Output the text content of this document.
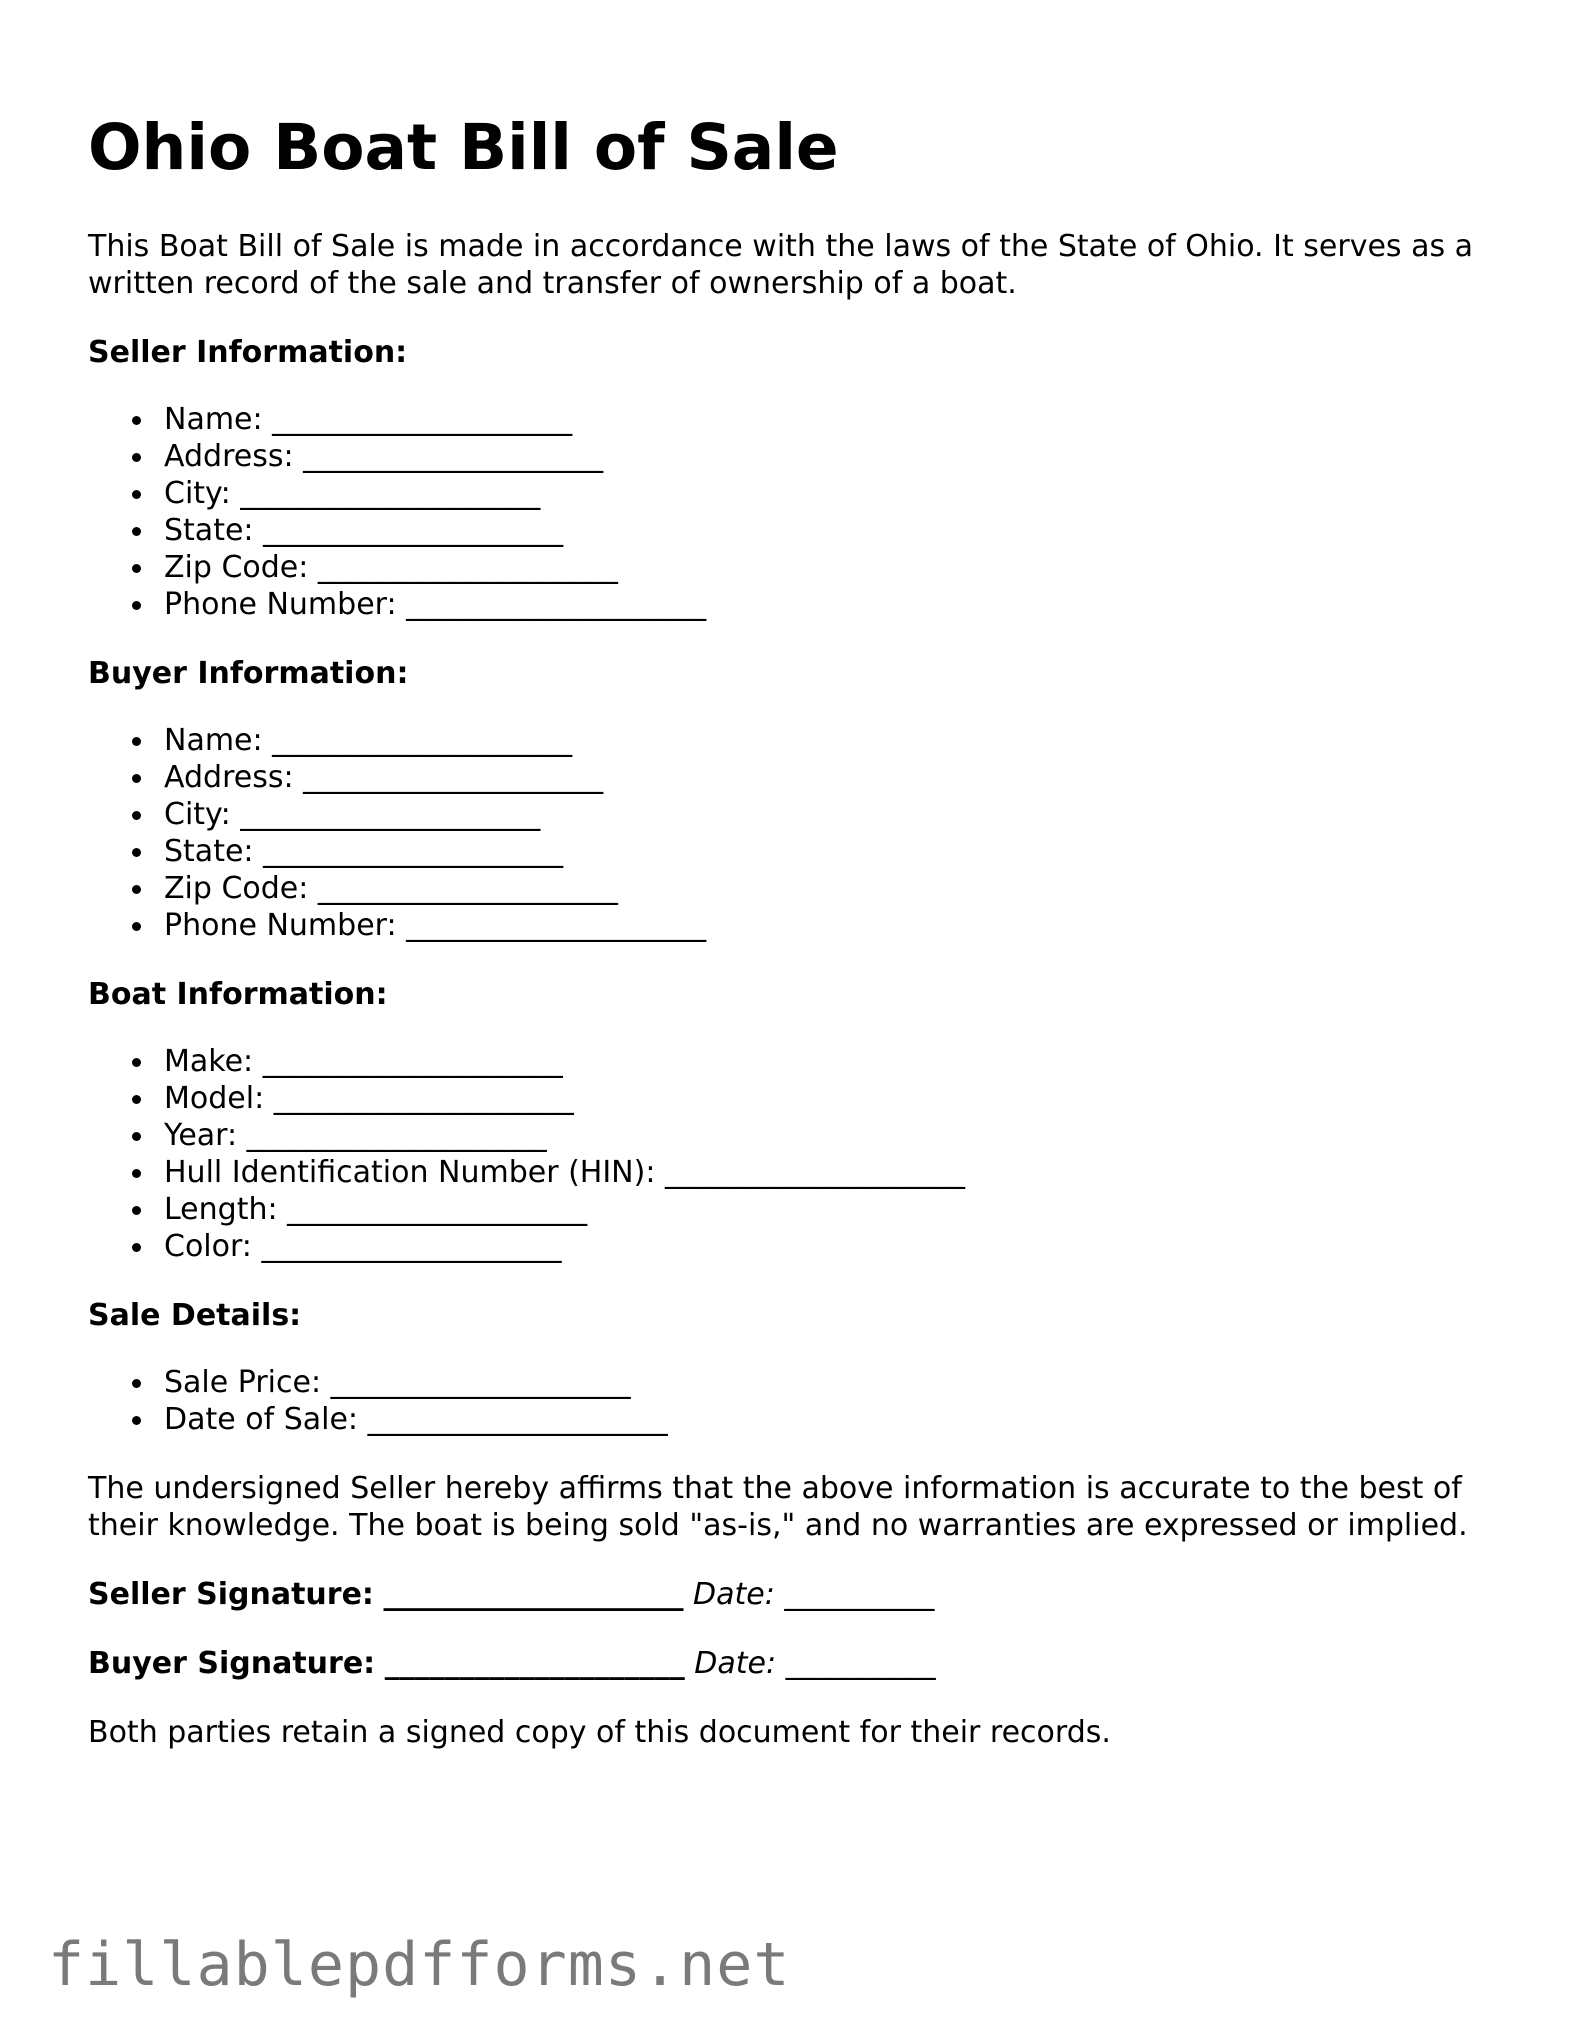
Ohio Boat Bill of Sale

This Boat Bill of Sale is made in accordance with the laws of the State of Ohio. It serves as a written record of the sale and transfer of ownership of a boat.

Seller Information:
Name: ____________________
Address: ____________________
City: ____________________
State: ____________________
Zip Code: ____________________
Phone Number: ____________________
Buyer Information:
Name: ____________________
Address: ____________________
City: ____________________
State: ____________________
Zip Code: ____________________
Phone Number: ____________________
Boat Information:
Make: ____________________
Model: ____________________
Year: ____________________
Hull Identification Number (HIN): ____________________
Length: ____________________
Color: ____________________
Sale Details:
Sale Price: ____________________
Date of Sale: ____________________

The undersigned Seller hereby affirms that the above information is accurate to the best of their knowledge. The boat is being sold "as-is," and no warranties are expressed or implied.

Seller Signature: ____________________ Date: __________
Buyer Signature: ____________________ Date: __________

Both parties retain a signed copy of this document for their records.

fillablepdfforms.net
